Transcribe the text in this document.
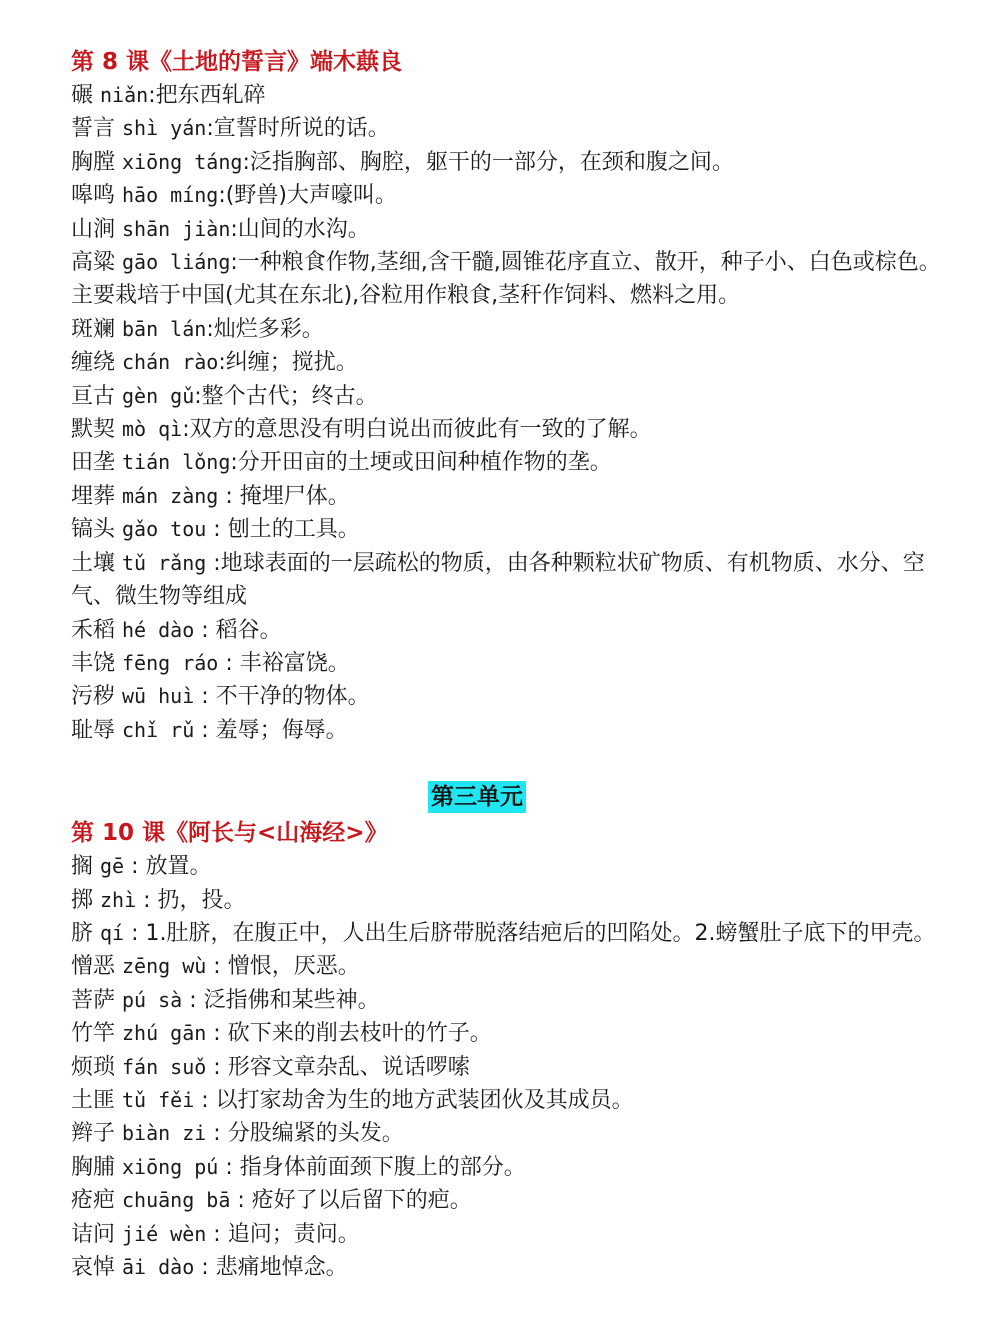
第 8 课《土地的誓言》端木蕻良
碾 niǎn:把东西轧碎
誓言 shì yán:宣誓时所说的话。
胸膛 xiōng táng:泛指胸部、胸腔，躯干的一部分，在颈和腹之间。
嗥鸣 hāo míng:(野兽)大声嚎叫。
山涧 shān jiàn:山间的水沟。
高粱 gāo liáng:一种粮食作物,茎细,含干髓,圆锥花序直立、散开，种子小、白色或棕色。主要栽培于中国(尤其在东北),谷粒用作粮食,茎秆作饲料、燃料之用。
斑斓 bān lán:灿烂多彩。
缠绕 chán rào:纠缠；搅扰。
亘古 gèn gǔ:整个古代；终古。
默契 mò qì:双方的意思没有明白说出而彼此有一致的了解。
田垄 tián lǒng:分开田亩的土埂或田间种植作物的垄。
埋葬 mán zàng : 掩埋尸体。
镐头 gǎo tou : 刨土的工具。
土壤 tǔ rǎng :地球表面的一层疏松的物质，由各种颗粒状矿物质、有机物质、水分、空气、微生物等组成
禾稻 hé dào : 稻谷。
丰饶 fēng ráo : 丰裕富饶。
污秽 wū huì : 不干净的物体。
耻辱 chǐ rǔ : 羞辱；侮辱。
第三单元
第 10 课《阿长与<山海经>》
搁 gē : 放置。
掷 zhì : 扔，投。
脐 qí : 1.肚脐，在腹正中，人出生后脐带脱落结疤后的凹陷处。2.螃蟹肚子底下的甲壳。
憎恶 zēng wù : 憎恨，厌恶。
菩萨 pú sà : 泛指佛和某些神。
竹竿 zhú gān : 砍下来的削去枝叶的竹子。
烦琐 fán suǒ : 形容文章杂乱、说话啰嗦
土匪 tǔ fěi : 以打家劫舍为生的地方武装团伙及其成员。
辫子 biàn zi : 分股编紧的头发。
胸脯 xiōng pú : 指身体前面颈下腹上的部分。
疮疤 chuāng bā : 疮好了以后留下的疤。
诘问 jié wèn : 追问；责问。
哀悼 āi dào : 悲痛地悼念。
